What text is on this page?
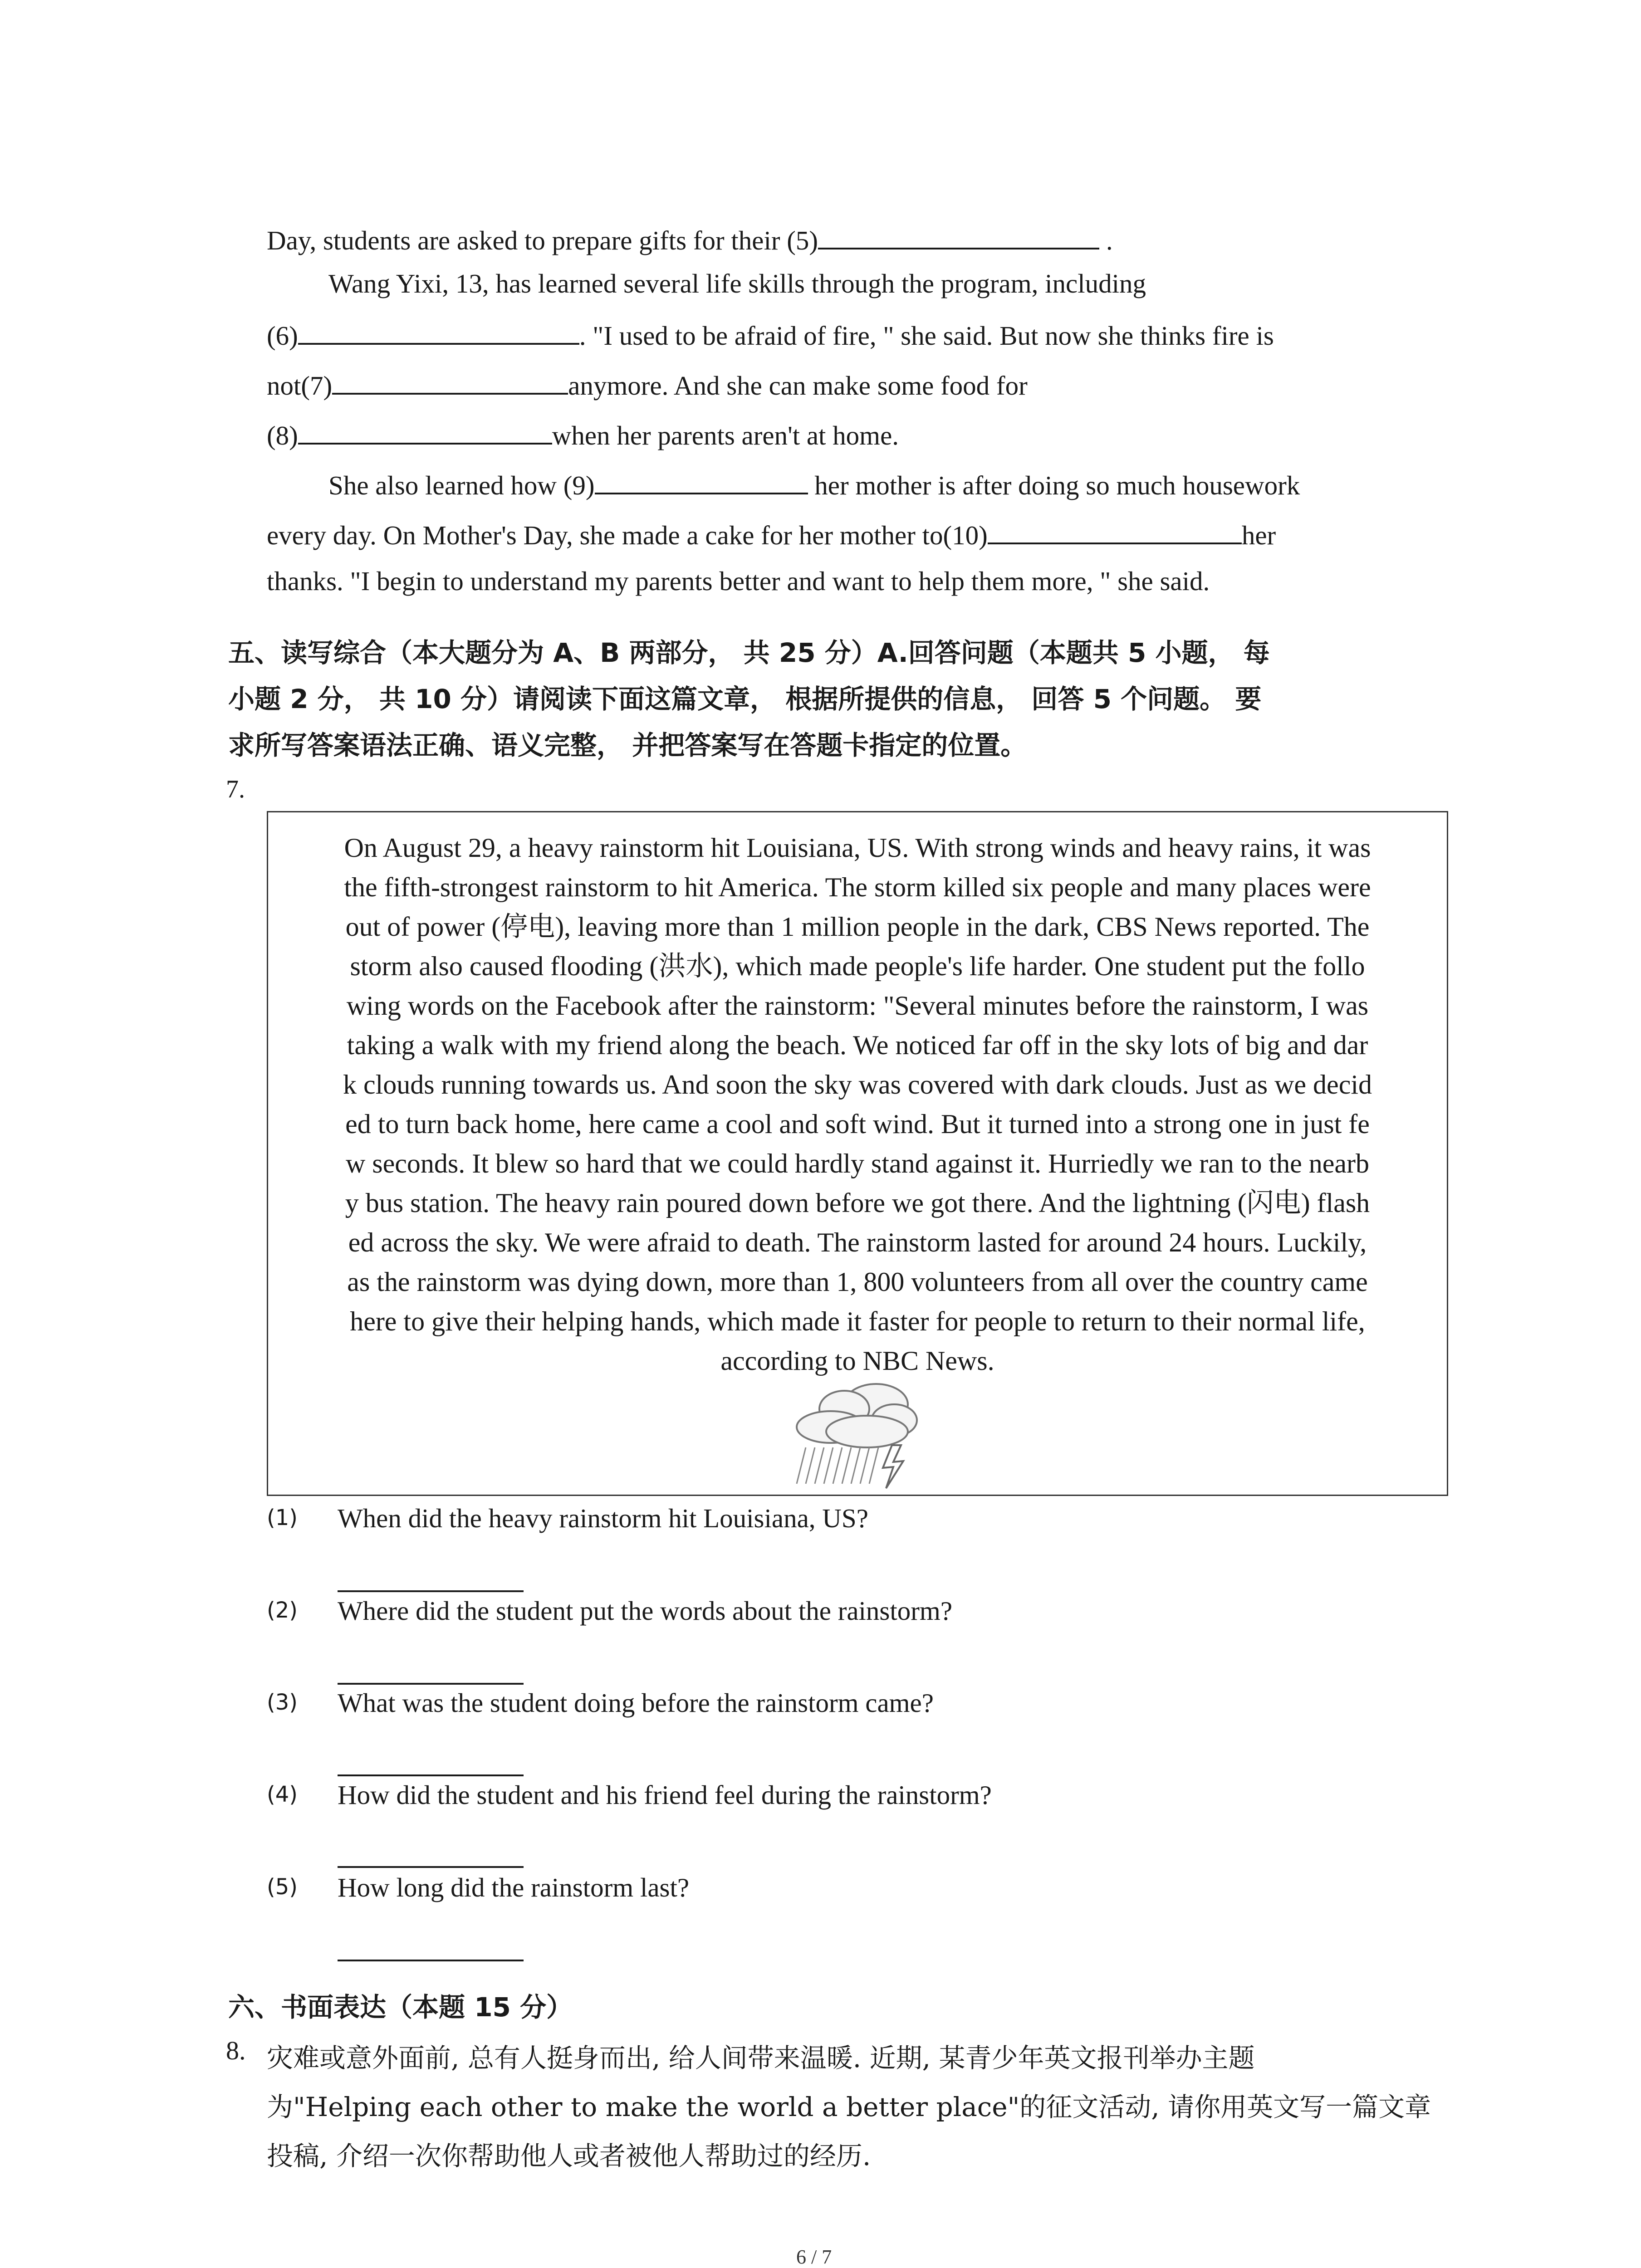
Day, students are asked to prepare gifts for their (5)	.
Wang Yixi, 13, has learned several life skills through the program, including
(6)	. "I used to be afraid of fire, " she said. But now she thinks fire is
not(7)	anymore. And she can make some food for
(8)	when her parents aren't at home.
She also learned how (9)	her mother is after doing so much housework
every day. On Mother's Day, she made a cake for her mother to(10)	her
thanks. "I begin to understand my parents better and want to help them more, " she said.
五、读写综合（本大题分为 A、B 两部分， 共 25 分）A.回答问题（本题共 5 小题， 每
小题 2 分， 共 10 分）请阅读下面这篇文章， 根据所提供的信息， 回答 5 个问题。 要
求所写答案语法正确、语义完整， 并把答案写在答题卡指定的位置。
7.
On August 29, a heavy rainstorm hit Louisiana, US. With strong winds and heavy rains, it was
the fifth-strongest rainstorm to hit America. The storm killed six people and many places were
out of power (停电), leaving more than 1 million people in the dark, CBS News reported. The
storm also caused flooding (洪水), which made people's life harder. One student put the follo
wing words on the Facebook after the rainstorm: "Several minutes before the rainstorm, I was
taking a walk with my friend along the beach. We noticed far off in the sky lots of big and dar
k clouds running towards us. And soon the sky was covered with dark clouds. Just as we decid
ed to turn back home, here came a cool and soft wind. But it turned into a strong one in just fe
w seconds. It blew so hard that we could hardly stand against it. Hurriedly we ran to the nearb
y bus station. The heavy rain poured down before we got there. And the lightning (闪电) flash
ed across the sky. We were afraid to death. The rainstorm lasted for around 24 hours. Luckily,
as the rainstorm was dying down, more than 1, 800 volunteers from all over the country came
here to give their helping hands, which made it faster for people to return to their normal life,
according to NBC News.
(1) When did the heavy rainstorm hit Louisiana, US?
(2) Where did the student put the words about the rainstorm?
(3) What was the student doing before the rainstorm came?
(4) How did the student and his friend feel during the rainstorm?
(5) How long did the rainstorm last?
六、书面表达（本题 15 分）
8. 灾难或意外面前, 总有人挺身而出, 给人间带来温暖. 近期, 某青少年英文报刊举办主题
为"Helping each other to make the world a better place"的征文活动, 请你用英文写一篇文章
投稿, 介绍一次你帮助他人或者被他人帮助过的经历.
6 / 7
